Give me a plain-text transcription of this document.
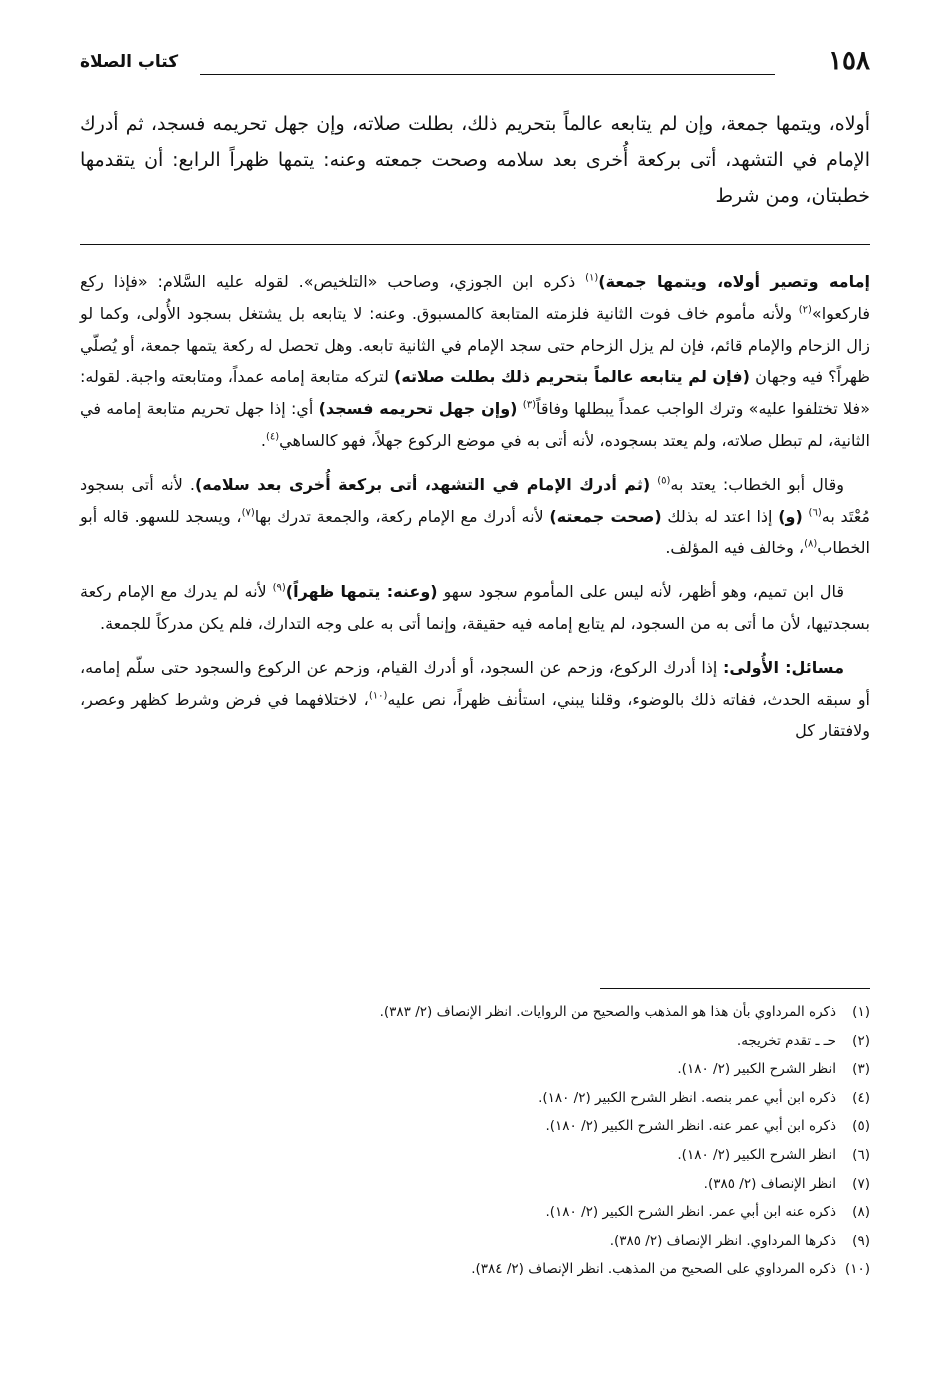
١٥٨
كتاب الصلاة

أولاه، ويتمها جمعة، وإن لم يتابعه عالماً بتحريم ذلك، بطلت صلاته، وإن جهل تحريمه فسجد، ثم أدرك الإمام في التشهد، أتى بركعة أُخرى بعد سلامه وصحت جمعته وعنه: يتمها ظهراً الرابع: أن يتقدمها خطبتان، ومن شرط

إمامه وتصير أولاه، ويتمها جمعة)$^{(١)}$ ذكره ابن الجوزي، وصاحب «التلخيص». لقوله عليه السَّلام: «فإذا ركع فاركعوا»$^{(٢)}$ ولأنه مأموم خاف فوت الثانية فلزمته المتابعة كالمسبوق. وعنه: لا يتابعه بل يشتغل بسجود الأُولى، وكما لو زال الزحام والإمام قائم، فإن لم يزل الزحام حتى سجد الإمام في الثانية تابعه. وهل تحصل له ركعة يتمها جمعة، أو يُصلّي ظهراً؟ فيه وجهان (فإن لم يتابعه عالماً بتحريم ذلك بطلت صلاته) لتركه متابعة إمامه عمداً، ومتابعته واجبة. لقوله: «فلا تختلفوا عليه» وترك الواجب عمداً يبطلها وفاقاً$^{(٣)}$ (وإن جهل تحريمه فسجد) أي: إذا جهل تحريم متابعة إمامه في الثانية، لم تبطل صلاته، ولم يعتد بسجوده، لأنه أتى به في موضع الركوع جهلاً، فهو كالساهي$^{(٤)}$.

وقال أبو الخطاب: يعتد به$^{(٥)}$ (ثم أدرك الإمام في التشهد، أتى بركعة أُخرى بعد سلامه). لأنه أتى بسجود مُعْتَد به$^{(٦)}$ (و) إذا اعتد له بذلك (صحت جمعته) لأنه أدرك مع الإمام ركعة، والجمعة تدرك بها$^{(٧)}$، ويسجد للسهو. قاله أبو الخطاب$^{(٨)}$، وخالف فيه المؤلف.

قال ابن تميم، وهو أظهر، لأنه ليس على المأموم سجود سهو (وعنه: يتمها ظهراً)$^{(٩)}$ لأنه لم يدرك مع الإمام ركعة بسجدتيها، لأن ما أتى به من السجود، لم يتابع إمامه فيه حقيقة، وإنما أتى به على وجه التدارك، فلم يكن مدركاً للجمعة.

مسائل: الأُولى: إذا أدرك الركوع، وزحم عن السجود، أو أدرك القيام، وزحم عن الركوع والسجود حتى سلّم إمامه، أو سبقه الحدث، ففاته ذلك بالوضوء، وقلنا يبني، استأنف ظهراً، نص عليه$^{(١٠)}$، لاختلافهما في فرض وشرط كظهر وعصر، ولافتقار كل

(١)
ذكره المرداوي بأن هذا هو المذهب والصحيح من الروايات. انظر الإنصاف (٢/ ٣٨٣).
(٢)
حـ ـ تقدم تخريجه.
(٣)
انظر الشرح الكبير (٢/ ١٨٠).
(٤)
ذكره ابن أبي عمر بنصه. انظر الشرح الكبير (٢/ ١٨٠).
(٥)
ذكره ابن أبي عمر عنه. انظر الشرح الكبير (٢/ ١٨٠).
(٦)
انظر الشرح الكبير (٢/ ١٨٠).
(٧)
انظر الإنصاف (٢/ ٣٨٥).
(٨)
ذكره عنه ابن أبي عمر. انظر الشرح الكبير (٢/ ١٨٠).
(٩)
ذكرها المرداوي. انظر الإنصاف (٢/ ٣٨٥).
(١٠)
ذكره المرداوي على الصحيح من المذهب. انظر الإنصاف (٢/ ٣٨٤).
